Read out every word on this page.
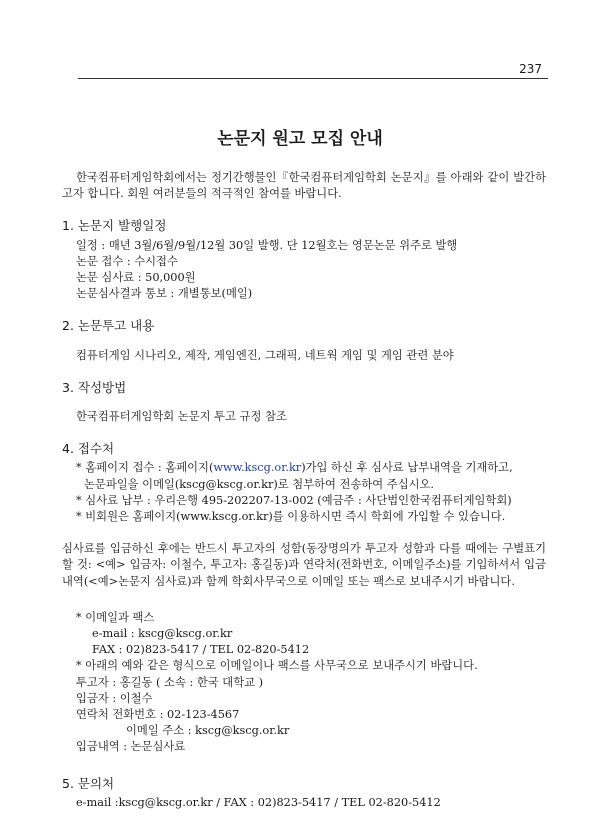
237
논문지 원고 모집 안내

한국컴퓨터게임학회에서는 정기간행물인『한국컴퓨터게임학회 논문지』를 아래와 같이 발간하고자 합니다. 회원 여러분들의 적극적인 참여를 바랍니다.

1. 논문지 발행일정

일정 : 매년 3월/6월/9월/12월 30일 발행. 단 12월호는 영문논문 위주로 발행

논문 접수 : 수시접수

논문 심사료 : 50,000원

논문심사결과 통보 : 개별통보(메일)

2. 논문투고 내용

컴퓨터게임 시나리오, 제작, 게임엔진, 그래픽, 네트웍 게임 및 게임 관련 분야

3. 작성방법

한국컴퓨터게임학회 논문지 투고 규정 참조

4. 접수처

* 홈페이지 접수 : 홈페이지(www.kscg.or.kr)가입 하신 후 심사료 납부내역을 기재하고,

논문파일을 이메일(kscg@kscg.or.kr)로 첨부하여 전송하여 주십시오.

* 심사료 납부 : 우리은행 495-202207-13-002 (예금주 : 사단법인한국컴퓨터게임학회)

* 비회원은 홈페이지(www.kscg.or.kr)를 이용하시면 즉시 학회에 가입할 수 있습니다.

심사료를 입금하신 후에는 반드시 투고자의 성함(동장명의가 투고자 성함과 다를 때에는 구별표기할 것: <예> 입금자: 이철수, 투고자: 홍길동)과 연락처(전화번호, 이메일주소)를 기입하셔서 입금내역(<예>논문지 심사료)과 함께 학회사무국으로 이메일 또는 팩스로 보내주시기 바랍니다.

* 이메일과 팩스

e-mail : kscg@kscg.or.kr

FAX : 02)823-5417 / TEL 02-820-5412

* 아래의 예와 같은 형식으로 이메일이나 팩스를 사무국으로 보내주시기 바랍니다.

투고자 : 홍길동 ( 소속 : 한국 대학교 )

입금자 : 이철수

연락처 전화번호 : 02-123-4567

이메일 주소 : kscg@kscg.or.kr

입금내역 : 논문심사료

5. 문의처

e-mail :kscg@kscg.or.kr / FAX : 02)823-5417 / TEL 02-820-5412
